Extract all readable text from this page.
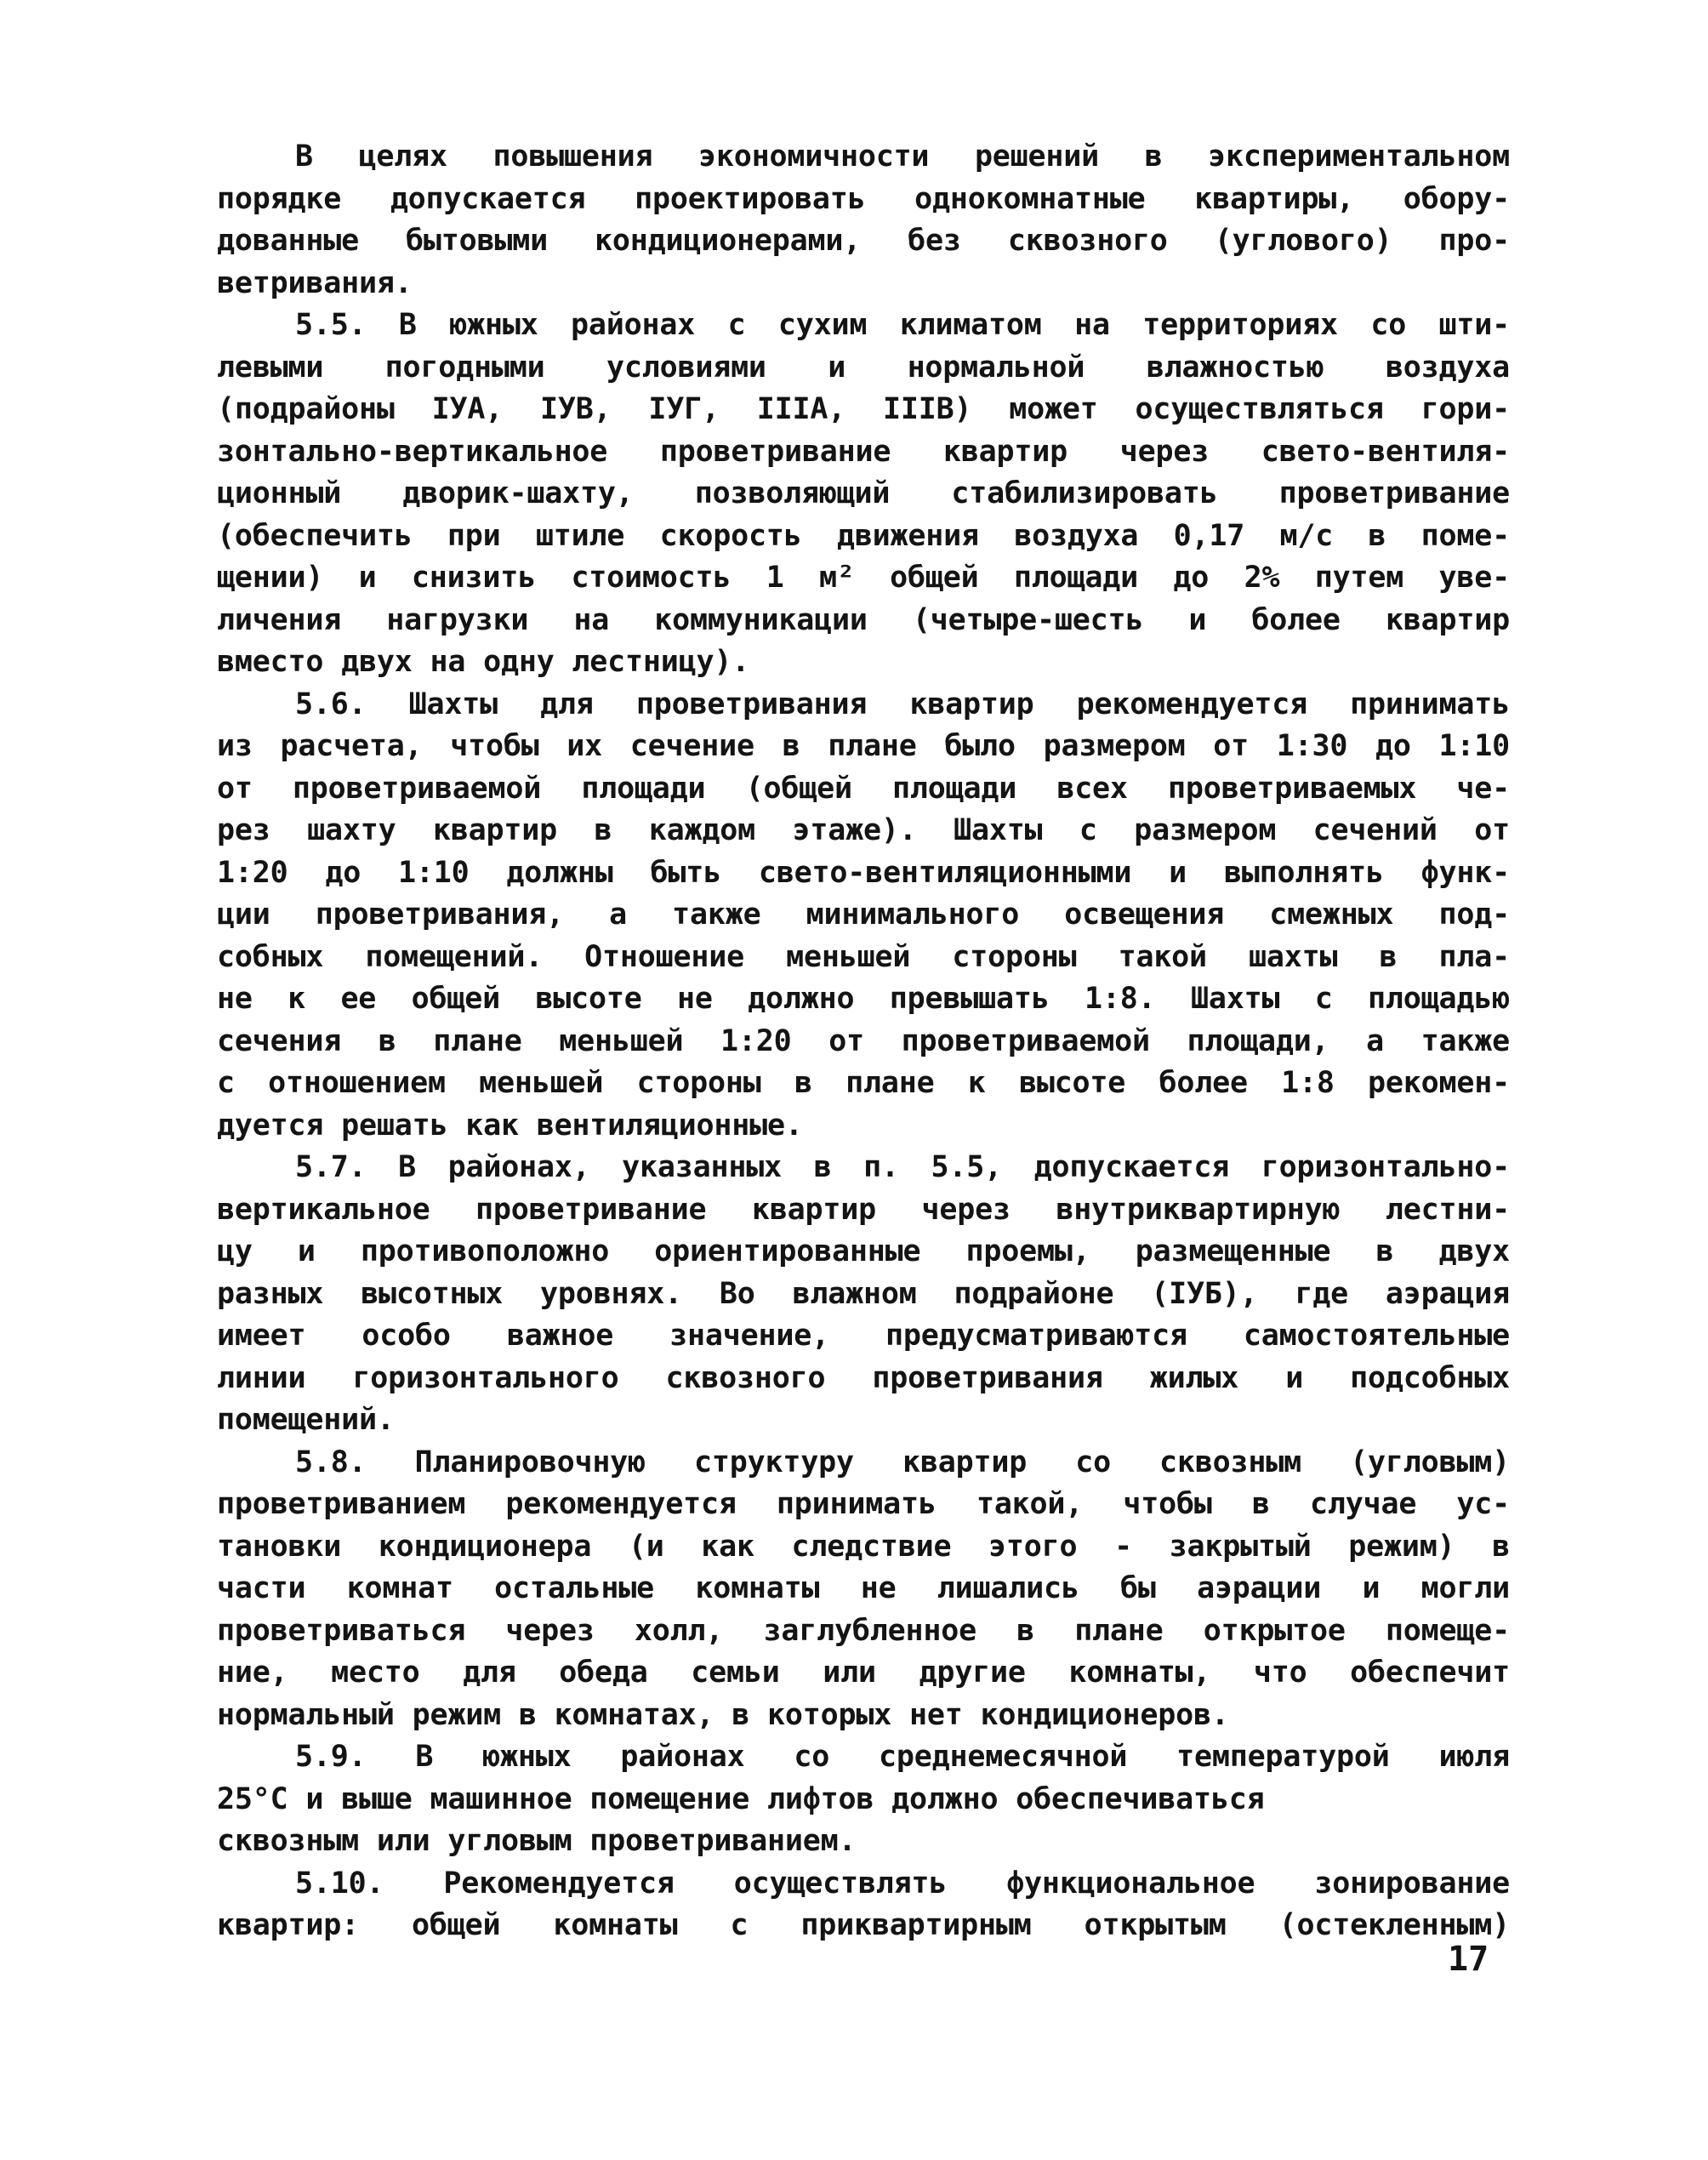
В целях повышения экономичности решений в экспериментальном
порядке допускается проектировать однокомнатные квартиры, обору-
дованные бытовыми кондиционерами, без сквозного (углового) про-
ветривания.
5.5. В южных районах с сухим климатом на территориях со шти-
левыми погодными условиями и нормальной влажностью воздуха
(подрайоны IУА, IУВ, IУГ, IIIА, IIIВ) может осуществляться гори-
зонтально-вертикальное проветривание квартир через свето-вентиля-
ционный дворик-шахту, позволяющий стабилизировать проветривание
(обеспечить при штиле скорость движения воздуха 0,17 м/с в поме-
щении) и снизить стоимость 1 м² общей площади до 2% путем уве-
личения нагрузки на коммуникации (четыре-шесть и более квартир
вместо двух на одну лестницу).
5.6. Шахты для проветривания квартир рекомендуется принимать
из расчета, чтобы их сечение в плане было размером от 1:30 до 1:10
от проветриваемой площади (общей площади всех проветриваемых че-
рез шахту квартир в каждом этаже). Шахты с размером сечений от
1:20 до 1:10 должны быть свето-вентиляционными и выполнять функ-
ции проветривания, а также минимального освещения смежных под-
собных помещений. Отношение меньшей стороны такой шахты в пла-
не к ее общей высоте не должно превышать 1:8. Шахты с площадью
сечения в плане меньшей 1:20 от проветриваемой площади, а также
с отношением меньшей стороны в плане к высоте более 1:8 рекомен-
дуется решать как вентиляционные.
5.7. В районах, указанных в п. 5.5, допускается горизонтально-
вертикальное проветривание квартир через внутриквартирную лестни-
цу и противоположно ориентированные проемы, размещенные в двух
разных высотных уровнях. Во влажном подрайоне (IУБ), где аэрация
имеет особо важное значение, предусматриваются самостоятельные
линии горизонтального сквозного проветривания жилых и подсобных
помещений.
5.8. Планировочную структуру квартир со сквозным (угловым)
проветриванием рекомендуется принимать такой, чтобы в случае ус-
тановки кондиционера (и как следствие этого - закрытый режим) в
части комнат остальные комнаты не лишались бы аэрации и могли
проветриваться через холл, заглубленное в плане открытое помеще-
ние, место для обеда семьи или другие комнаты, что обеспечит
нормальный режим в комнатах, в которых нет кондиционеров.
5.9. В южных районах со среднемесячной температурой июля
25°С и выше машинное помещение лифтов должно обеспечиваться
сквозным или угловым проветриванием.
5.10. Рекомендуется осуществлять функциональное зонирование
квартир: общей комнаты с приквартирным открытым (остекленным)
17
